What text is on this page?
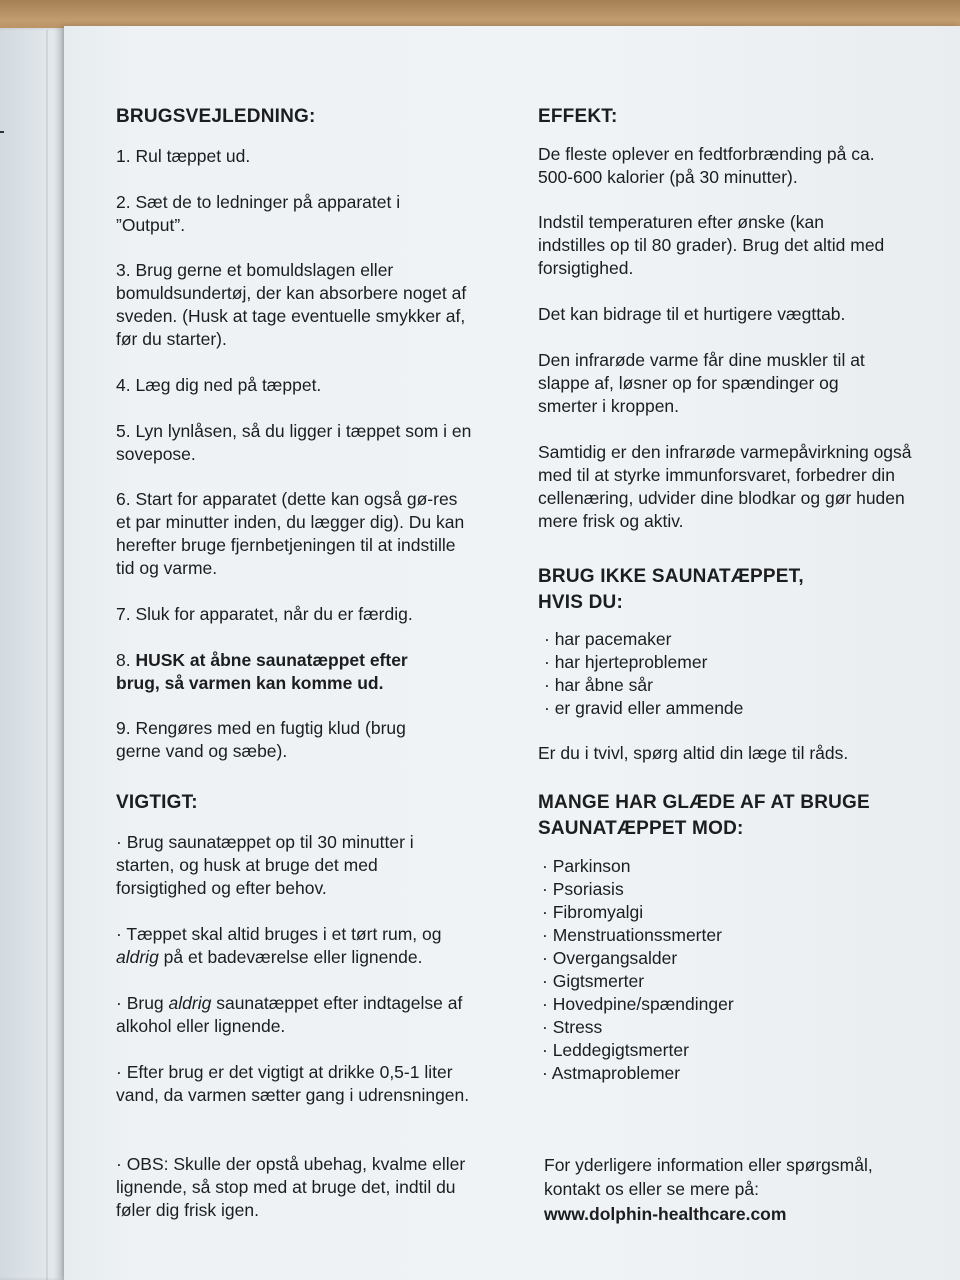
BRUGSVEJLEDNING:

1. Rul tæppet ud.

2. Sæt de to ledninger på apparatet i ”Output”.

3. Brug gerne et bomuldslagen eller bomuldsundertøj, der kan absorbere noget af sveden. (Husk at tage eventuelle smykker af, før du starter).

4. Læg dig ned på tæppet.

5. Lyn lynlåsen, så du ligger i tæppet som i en sovepose.

6. Start for apparatet (dette kan også gø-res et par minutter inden, du lægger dig). Du kan herefter bruge fjernbetjeningen til at indstille tid og varme.

7. Sluk for apparatet, når du er færdig.

8. HUSK at åbne saunatæppet efter brug, så varmen kan komme ud.

9. Rengøres med en fugtig klud (brug gerne vand og sæbe).

VIGTIGT:

· Brug saunatæppet op til 30 minutter i starten, og husk at bruge det med forsigtighed og efter behov.

· Tæppet skal altid bruges i et tørt rum, og aldrig på et badeværelse eller lignende.

· Brug aldrig saunatæppet efter indtagelse af alkohol eller lignende.

· Efter brug er det vigtigt at drikke 0,5-1 liter vand, da varmen sætter gang i udrensningen.

· OBS: Skulle der opstå ubehag, kvalme eller lignende, så stop med at bruge det, indtil du føler dig frisk igen.

EFFEKT:

De fleste oplever en fedtforbrænding på ca. 500-600 kalorier (på 30 minutter).

Indstil temperaturen efter ønske (kan indstilles op til 80 grader). Brug det altid med forsigtighed.

Det kan bidrage til et hurtigere vægttab.

Den infrarøde varme får dine muskler til at slappe af, løsner op for spændinger og smerter i kroppen.

Samtidig er den infrarøde varmepåvirkning også med til at styrke immunforsvaret, forbedrer din cellenæring, udvider dine blodkar og gør huden mere frisk og aktiv.

BRUG IKKE SAUNATÆPPET,

HVIS DU:

· har pacemaker
· har hjerteproblemer
· har åbne sår
· er gravid eller ammende

Er du i tvivl, spørg altid din læge til råds.

MANGE HAR GLÆDE AF AT BRUGE

SAUNATÆPPET MOD:

· Parkinson
· Psoriasis
· Fibromyalgi
· Menstruationssmerter
· Overgangsalder
· Gigtsmerter
· Hovedpine/spændinger
· Stress
· Leddegigtsmerter
· Astmaproblemer

For yderligere information eller spørgsmål,

kontakt os eller se mere på:

www.dolphin-healthcare.com
